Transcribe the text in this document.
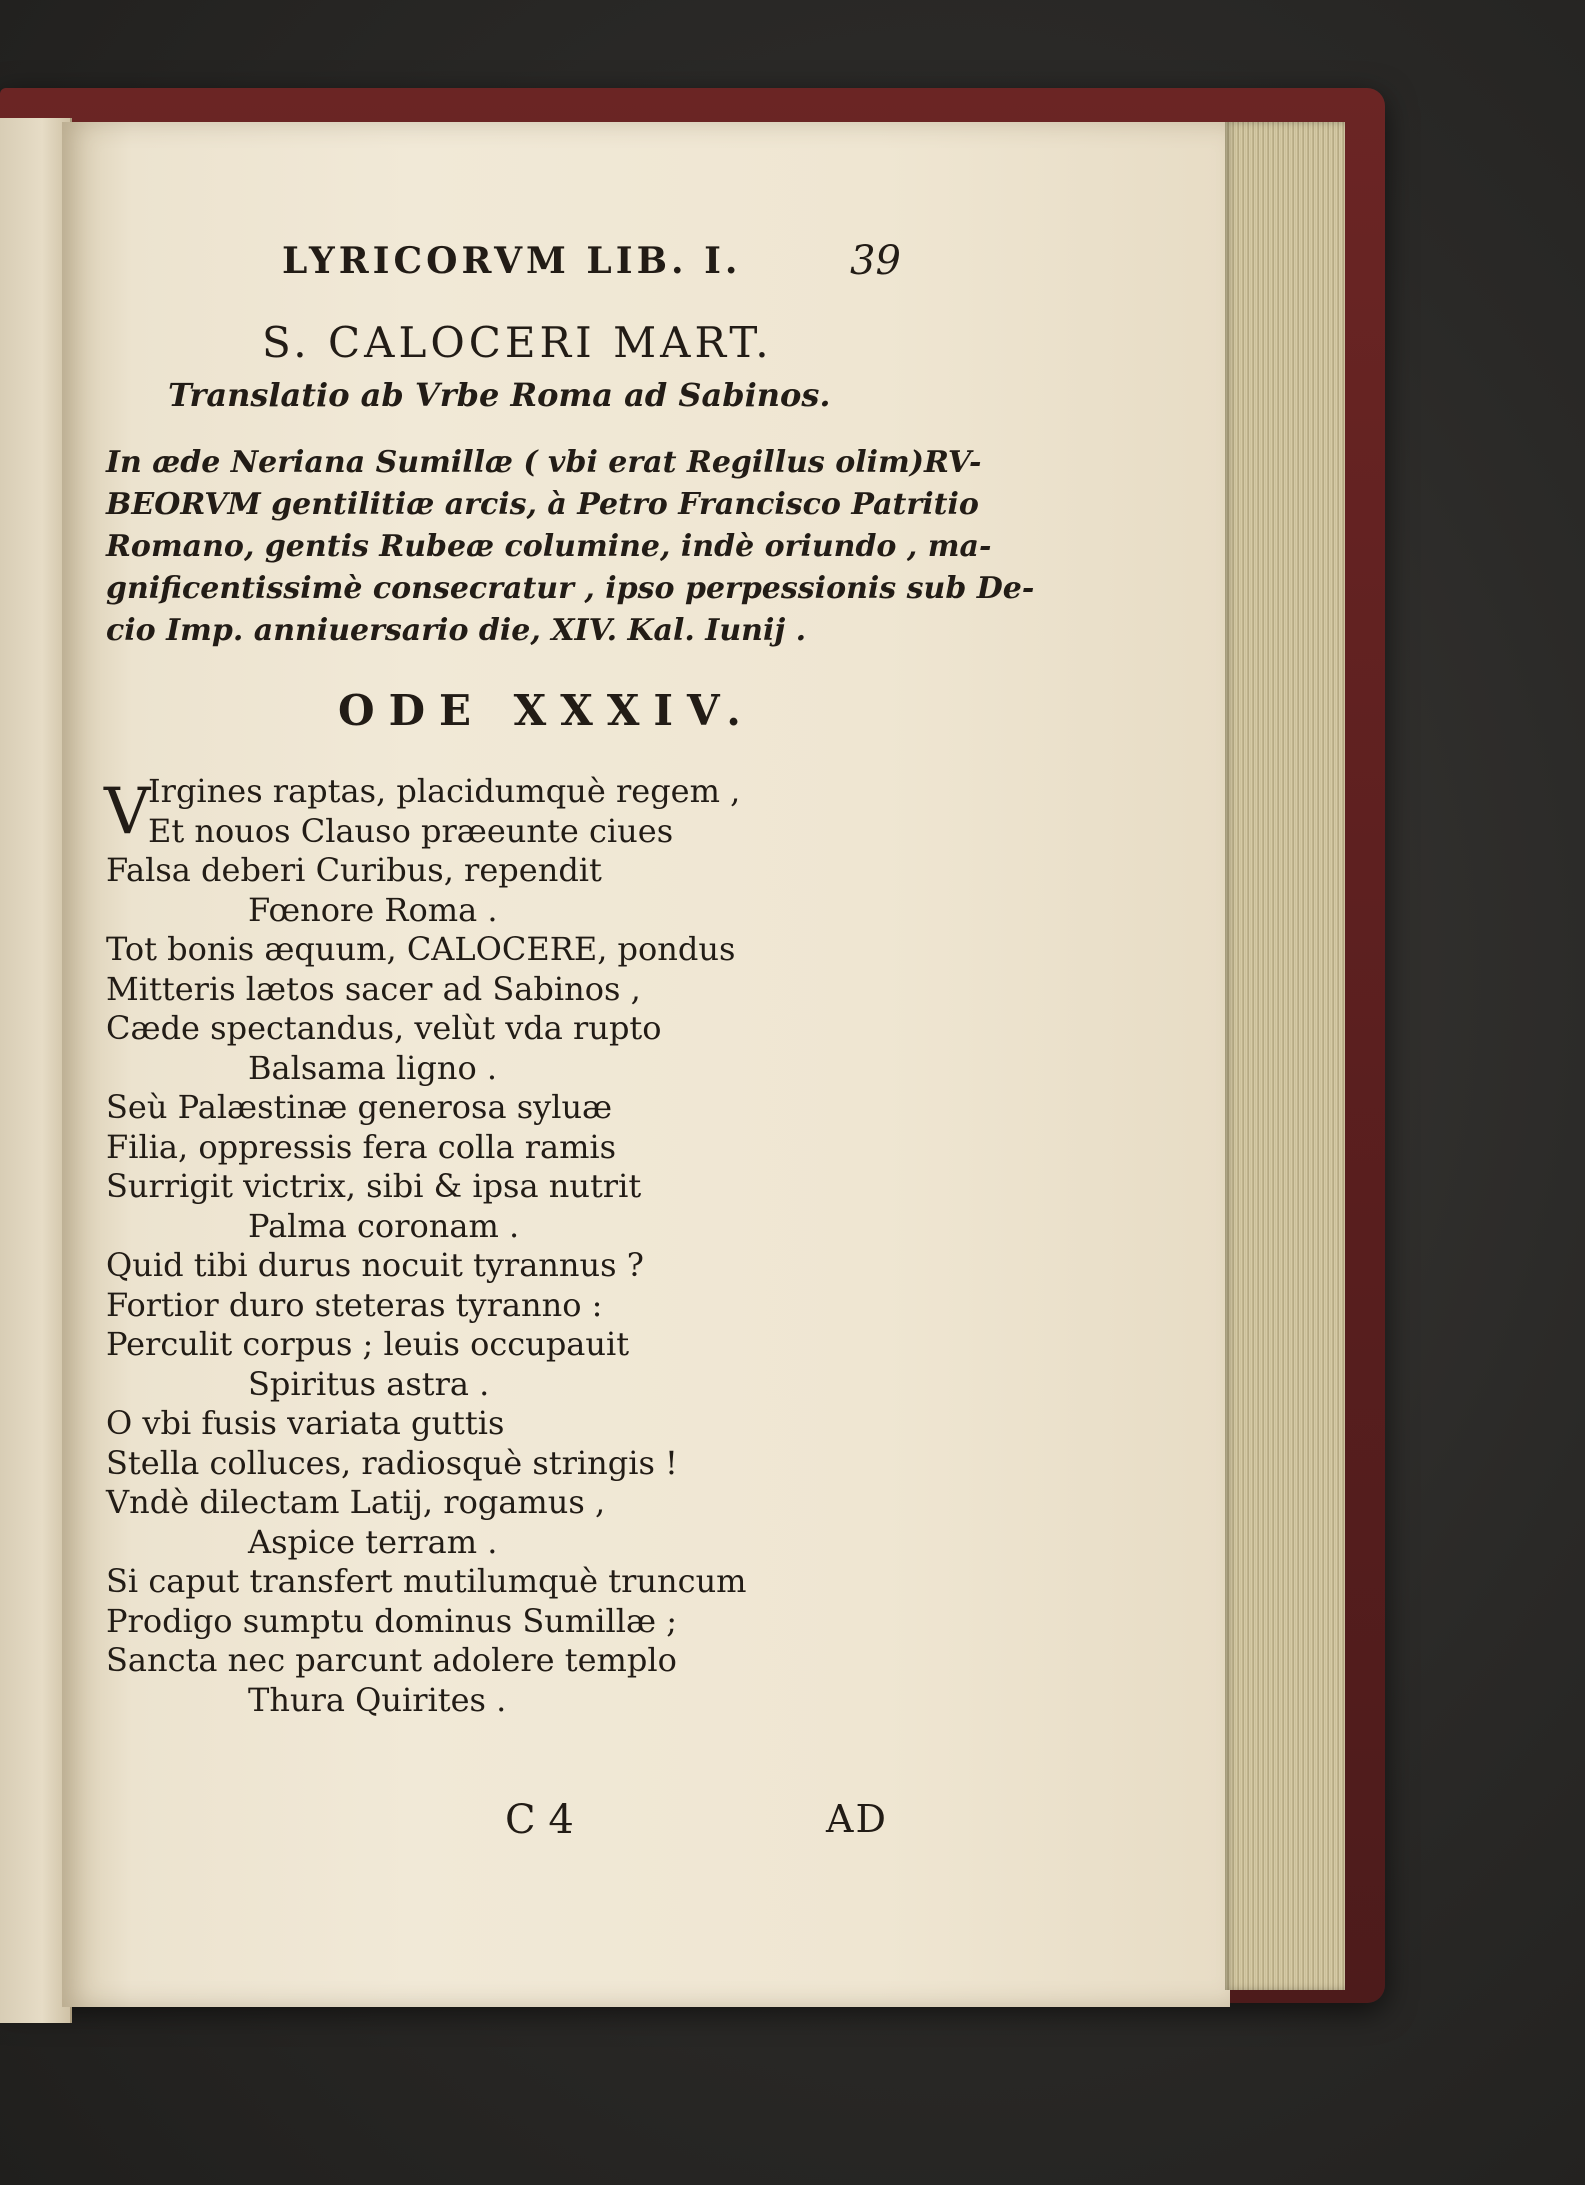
LYRICORVM LIB. I.	39
S. CALOCERI MART.
Translatio ab Vrbe Roma ad Sabinos.
In æde Neriana Sumillæ ( vbi erat Regillus olim)RV-
BEORVM gentilitiæ arcis, à Petro Francisco Patritio
Romano, gentis Rubeæ columine, indè oriundo , ma-
gnificentissimè consecratur , ipso perpessionis sub De-
cio Imp. anniuersario die, XIV. Kal. Iunij .
ODE XXXIV.
V
Irgines raptas, placidumquè regem ,
Et nouos Clauso præeunte ciues
Falsa deberi Curibus, rependit
Fœnore Roma .
Tot bonis æquum, CALOCERE, pondus
Mitteris lætos sacer ad Sabinos ,
Cæde spectandus, velùt vda rupto
Balsama ligno .
Seù Palæstinæ generosa syluæ
Filia, oppressis fera colla ramis
Surrigit victrix, sibi & ipsa nutrit
Palma coronam .
Quid tibi durus nocuit tyrannus ?
Fortior duro steteras tyranno :
Perculit corpus ; leuis occupauit
Spiritus astra .
O vbi fusis variata guttis
Stella colluces, radiosquè stringis !
Vndè dilectam Latij, rogamus ,
Aspice terram .
Si caput transfert mutilumquè truncum
Prodigo sumptu dominus Sumillæ ;
Sancta nec parcunt adolere templo
Thura Quirites .
C 4	AD
